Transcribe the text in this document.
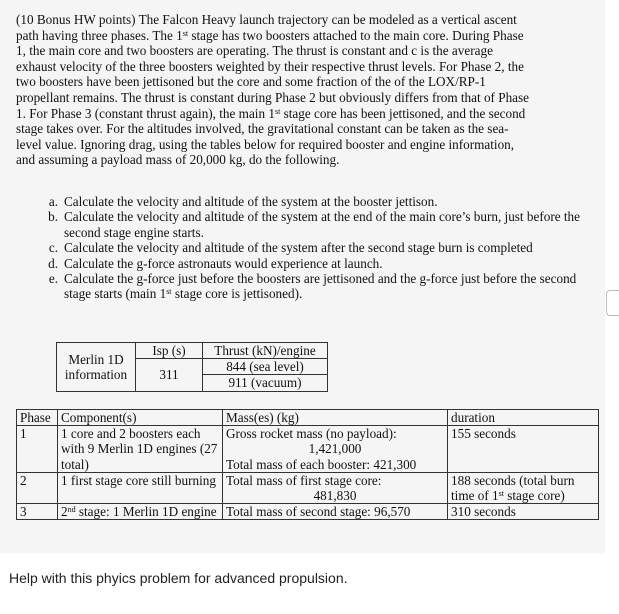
(10 Bonus HW points) The Falcon Heavy launch trajectory can be modeled as a vertical ascent

path having three phases. The 1st stage has two boosters attached to the main core. During Phase

1, the main core and two boosters are operating. The thrust is constant and c is the average

exhaust velocity of the three boosters weighted by their respective thrust levels. For Phase 2, the

two boosters have been jettisoned but the core and some fraction of the of the LOX/RP-1

propellant remains. The thrust is constant during Phase 2 but obviously differs from that of Phase

1. For Phase 3 (constant thrust again), the main 1st stage core has been jettisoned, and the second

stage takes over. For the altitudes involved, the gravitational constant can be taken as the sea-

level value. Ignoring drag, using the tables below for required booster and engine information,

and assuming a payload mass of 20,000 kg, do the following.

a. Calculate the velocity and altitude of the system at the booster jettison.
b. Calculate the velocity and altitude of the system at the end of the main core’s burn, just before the second stage engine starts.
c. Calculate the velocity and altitude of the system after the second stage burn is completed
d. Calculate the g-force astronauts would experience at launch.
e. Calculate the g-force just before the boosters are jettisoned and the g-force just before the second stage starts (main 1st stage core is jettisoned).
Merlin 1D information	Isp (s)	Thrust (kN)/engine
	311	844 (sea level)
		911 (vacuum)
Phase	Component(s)	Mass(es) (kg)	duration
1	1 core and 2 boosters each with 9 Merlin 1D engines (27 total)	Gross rocket mass (no payload):
1,421,000
Total mass of each booster: 421,300	155 seconds
2	1 first stage core still burning	Total mass of first stage core:
481,830	188 seconds (total burn time of 1st stage core)
3	2nd stage: 1 Merlin 1D engine	Total mass of second stage: 96,570	310 seconds
Help with this phyics problem for advanced propulsion.
